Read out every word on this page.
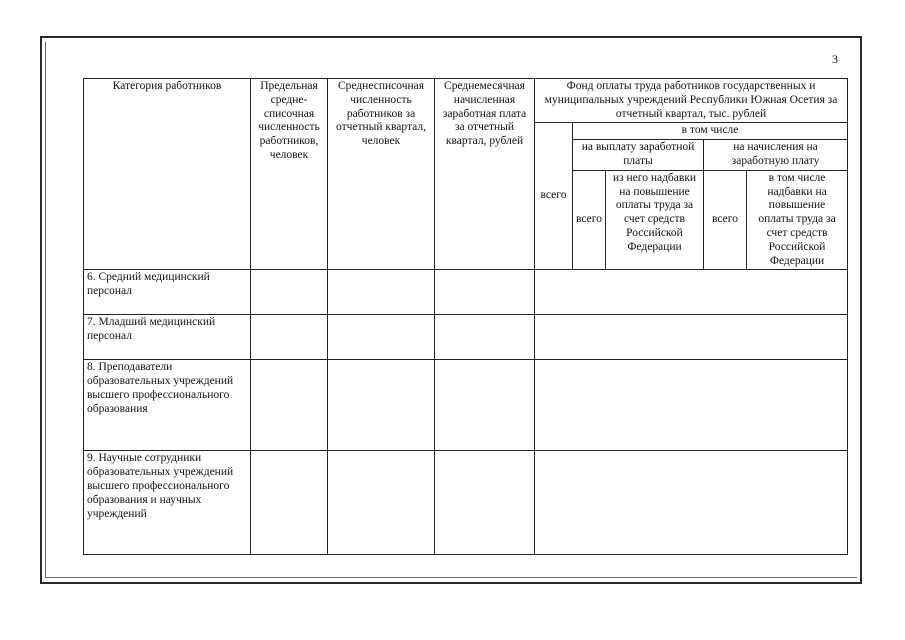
3
Категория работников	Предельная средне-списочная численность работников, человек	Среднесписочная численность работников за отчетный квартал, человек	Среднемесячная начисленная заработная плата за отчетный квартал, рублей	Фонд оплаты труда работников государственных и муниципальных учреждений Республики Южная Осетия за отчетный квартал, тыс. рублей				
				всего	в том числе			
					на выплату заработной платы		на начисления на заработную плату	
					всего	из него надбавки на повышение оплаты труда за счет средств Российской Федерации	всего	в том числе надбавки на повышение оплаты труда за счет средств Российской Федерации
6. Средний медицинский персонал								
7. Младший медицинский персонал								
8. Преподаватели образовательных учреждений высшего профессионального образования								
9. Научные сотрудники образовательных учреждений высшего профессионального образования и научных учреждений								
